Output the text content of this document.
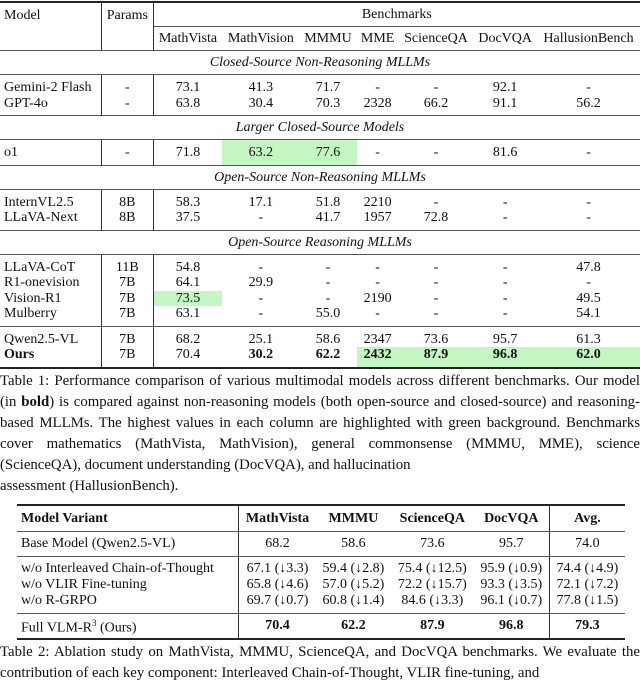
Model	Params	Benchmarks						
		MathVista	MathVision	MMMU	MME	ScienceQA	DocVQA	HallusionBench
Closed-Source Non-Reasoning MLLMs								
Gemini-2 Flash	-	73.1	41.3	71.7	-	-	92.1	-
GPT-4o	-	63.8	30.4	70.3	2328	66.2	91.1	56.2
Larger Closed-Source Models								
o1	-	71.8	63.2	77.6	-	-	81.6	-
Open-Source Non-Reasoning MLLMs								
InternVL2.5	8B	58.3	17.1	51.8	2210	-	-	-
LLaVA-Next	8B	37.5	-	41.7	1957	72.8	-	-
Open-Source Reasoning MLLMs								
LLaVA-CoT	11B	54.8	-	-	-	-	-	47.8
R1-onevision	7B	64.1	29.9	-	-	-	-	-
Vision-R1	7B	73.5	-	-	2190	-	-	49.5
Mulberry	7B	63.1	-	55.0	-	-	-	54.1
Qwen2.5-VL	7B	68.2	25.1	58.6	2347	73.6	95.7	61.3
Ours	7B	70.4	30.2	62.2	2432	87.9	96.8	62.0
Table 1: Performance comparison of various multimodal models across different benchmarks. Our model (in bold) is compared against non-reasoning models (both open-source and closed-source) and reasoning-based MLLMs. The highest values in each column are highlighted with green background. Benchmarks cover mathematics (MathVista, MathVision), general commonsense (MMMU, MME), science (ScienceQA), document understanding (DocVQA), and hallucination
assessment (HallusionBench).
Model Variant	MathVista	MMMU	ScienceQA	DocVQA	Avg.
Base Model (Qwen2.5-VL)	68.2	58.6	73.6	95.7	74.0
w/o Interleaved Chain-of-Thought	67.1 (↓3.3)	59.4 (↓2.8)	75.4 (↓12.5)	95.9 (↓0.9)	74.4 (↓4.9)
w/o VLIR Fine-tuning	65.8 (↓4.6)	57.0 (↓5.2)	72.2 (↓15.7)	93.3 (↓3.5)	72.1 (↓7.2)
w/o R-GRPO	69.7 (↓0.7)	60.8 (↓1.4)	84.6 (↓3.3)	96.1 (↓0.7)	77.8 (↓1.5)
Full VLM-$R^3$ (Ours)	70.4	62.2	87.9	96.8	79.3
Table 2: Ablation study on MathVista, MMMU, ScienceQA, and DocVQA benchmarks. We evaluate the contribution of each key component: Interleaved Chain-of-Thought, VLIR fine-tuning, and
